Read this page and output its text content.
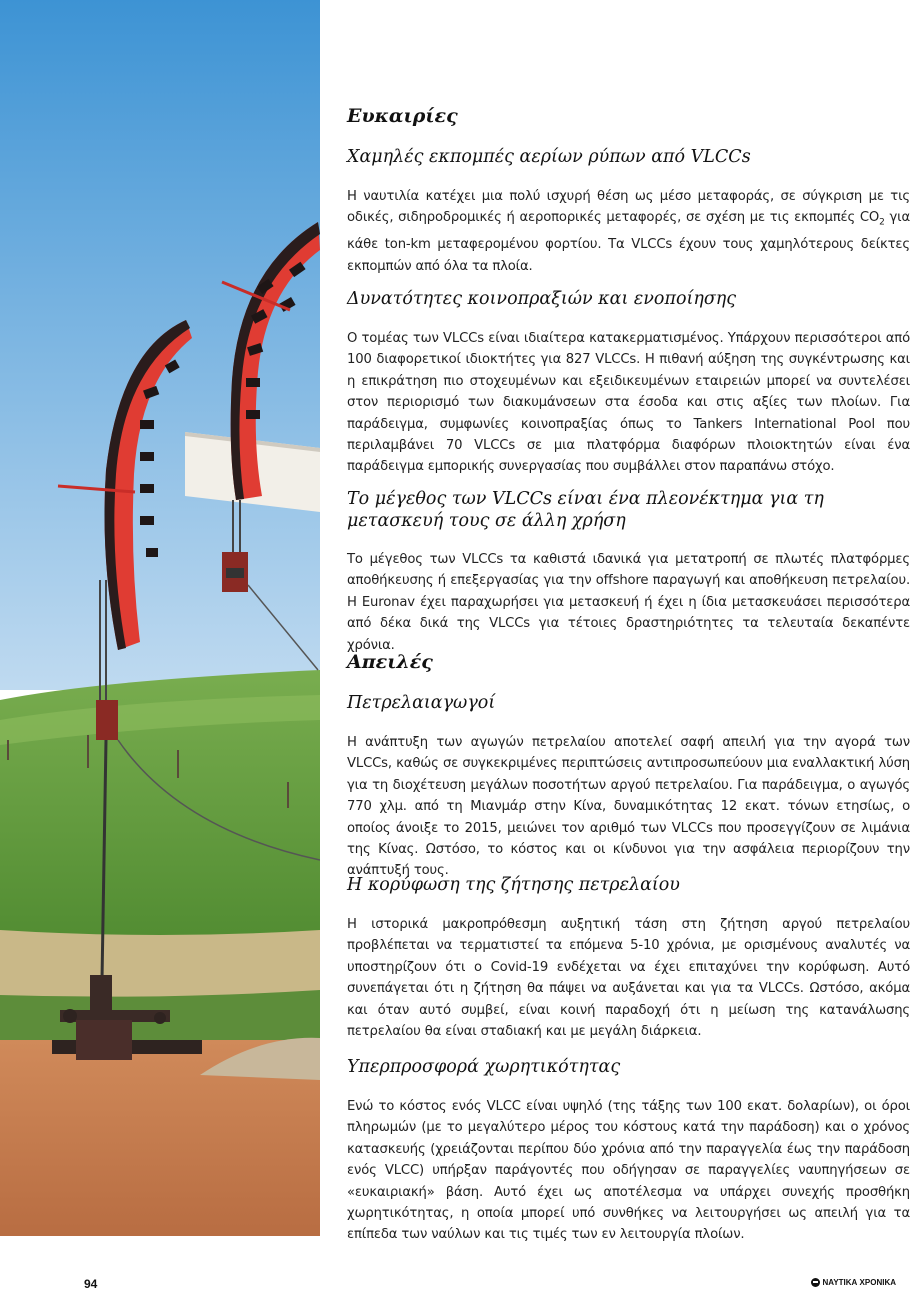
Ευκαιρίες
Χαμηλές εκπομπές αερίων ρύπων από VLCCs
Η ναυτιλία κατέχει μια πολύ ισχυρή θέση ως μέσο μεταφοράς, σε σύγκριση με τις οδικές, σιδηροδρομικές ή αεροπορικές μεταφορές, σε σχέση με τις εκπομπές $CO_2$ για κάθε ton-km μεταφερομένου φορτίου. Τα VLCCs έχουν τους χαμηλότερους δείκτες εκπομπών από όλα τα πλοία.
Δυνατότητες κοινοπραξιών και ενοποίησης
Ο τομέας των VLCCs είναι ιδιαίτερα κατακερματισμένος. Υπάρχουν περισσότεροι από 100 διαφορετικοί ιδιοκτήτες για 827 VLCCs. Η πιθανή αύξηση της συγκέντρωσης και η επικράτηση πιο στοχευμένων και εξειδικευμένων εταιρειών μπορεί να συντελέσει στον περιορισμό των διακυμάνσεων στα έσοδα και στις αξίες των πλοίων. Για παράδειγμα, συμφωνίες κοινοπραξίας όπως το Tankers International Pool που περιλαμβάνει 70 VLCCs σε μια πλατφόρμα διαφόρων πλοιοκτητών είναι ένα παράδειγμα εμπορικής συνεργασίας που συμβάλλει στον παραπάνω στόχο.
Το μέγεθος των VLCCs είναι ένα πλεονέκτημα για τη μετασκευή τους σε άλλη χρήση
Το μέγεθος των VLCCs τα καθιστά ιδανικά για μετατροπή σε πλωτές πλατφόρμες αποθήκευσης ή επεξεργασίας για την offshore παραγωγή και αποθήκευση πετρελαίου. Η Euronav έχει παραχωρήσει για μετασκευή ή έχει η ίδια μετασκευάσει περισσότερα από δέκα δικά της VLCCs για τέτοιες δραστηριότητες τα τελευταία δεκαπέντε χρόνια.
Απειλές
Πετρελαιαγωγοί
Η ανάπτυξη των αγωγών πετρελαίου αποτελεί σαφή απειλή για την αγορά των VLCCs, καθώς σε συγκεκριμένες περιπτώσεις αντιπροσωπεύουν μια εναλλακτική λύση για τη διοχέτευση μεγάλων ποσοτήτων αργού πετρελαίου. Για παράδειγμα, ο αγωγός 770 χλμ. από τη Μιανμάρ στην Κίνα, δυναμικότητας 12 εκατ. τόνων ετησίως, ο οποίος άνοιξε το 2015, μειώνει τον αριθμό των VLCCs που προσεγγίζουν σε λιμάνια της Κίνας. Ωστόσο, το κόστος και οι κίνδυνοι για την ασφάλεια περιορίζουν την ανάπτυξή τους.
Η κορύφωση της ζήτησης πετρελαίου
Η ιστορικά μακροπρόθεσμη αυξητική τάση στη ζήτηση αργού πετρελαίου προβλέπεται να τερματιστεί τα επόμενα 5-10 χρόνια, με ορισμένους αναλυτές να υποστηρίζουν ότι ο Covid-19 ενδέχεται να έχει επιταχύνει την κορύφωση. Αυτό συνεπάγεται ότι η ζήτηση θα πάψει να αυξάνεται και για τα VLCCs. Ωστόσο, ακόμα και όταν αυτό συμβεί, είναι κοινή παραδοχή ότι η μείωση της κατανάλωσης πετρελαίου θα είναι σταδιακή και με μεγάλη διάρκεια.
Υπερπροσφορά χωρητικότητας
Ενώ το κόστος ενός VLCC είναι υψηλό (της τάξης των 100 εκατ. δολαρίων), οι όροι πληρωμών (με το μεγαλύτερο μέρος του κόστους κατά την παράδοση) και ο χρόνος κατασκευής (χρειάζονται περίπου δύο χρόνια από την παραγγελία έως την παράδοση ενός VLCC) υπήρξαν παράγοντές που οδήγησαν σε παραγγελίες ναυπηγήσεων σε «ευκαιριακή» βάση. Αυτό έχει ως αποτέλεσμα να υπάρχει συνεχής προσθήκη χωρητικότητας, η οποία μπορεί υπό συνθήκες να λειτουργήσει ως απειλή για τα επίπεδα των ναύλων και τις τιμές των εν λειτουργία πλοίων.
94	ΝΑΥΤΙΚΑ ΧΡΟΝΙΚΑ
